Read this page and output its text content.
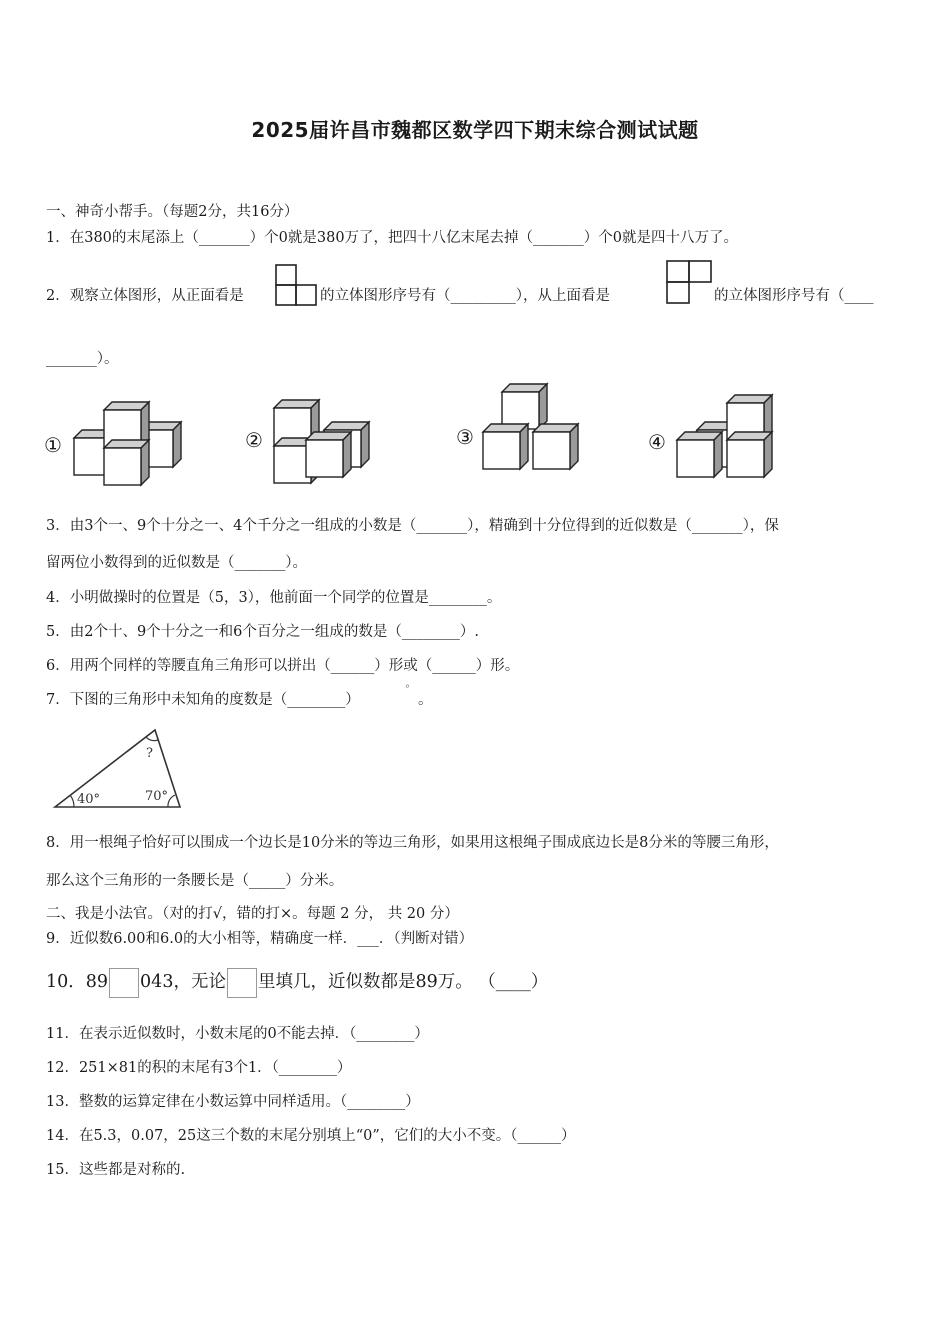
2025届许昌市魏都区数学四下期末综合测试试题
一、神奇小帮手。（每题2分，共16分）
1．在380的末尾添上（_______）个0就是380万了，把四十八亿末尾去掉（_______）个0就是四十八万了。
2．观察立体图形，从正面看是	的立体图形序号有（_________），从上面看是	的立体图形序号有（____
_______）。
①	②	③	④
3．由3个一、9个十分之一、4个千分之一组成的小数是（_______），精确到十分位得到的近似数是（_______），保
留两位小数得到的近似数是（_______）。
4．小明做操时的位置是（5，3），他前面一个同学的位置是________。
5．由2个十、9个十分之一和6个百分之一组成的数是（________）.
6．用两个同样的等腰直角三角形可以拼出（______）形或（______）形。
7．下图的三角形中未知角的度数是（________）
°
。
40°	70°
?
8．用一根绳子恰好可以围成一个边长是10分米的等边三角形，如果用这根绳子围成底边长是8分米的等腰三角形，
那么这个三角形的一条腰长是（_____）分米。
二、我是小法官。（对的打√，错的打×。每题 2 分， 共 20 分）
9．近似数6.00和6.0的大小相等，精确度一样．___．（判断对错）
10．89 043，无论 里填几，近似数都是89万。 （____）
11．在表示近似数时，小数末尾的0不能去掉．（________）
12．251×81的积的末尾有3个1．（________）
13．整数的运算定律在小数运算中同样适用。（________）
14．在5.3，0.07，25这三个数的末尾分别填上“0”，它们的大小不变。（______）
15．这些都是对称的.
